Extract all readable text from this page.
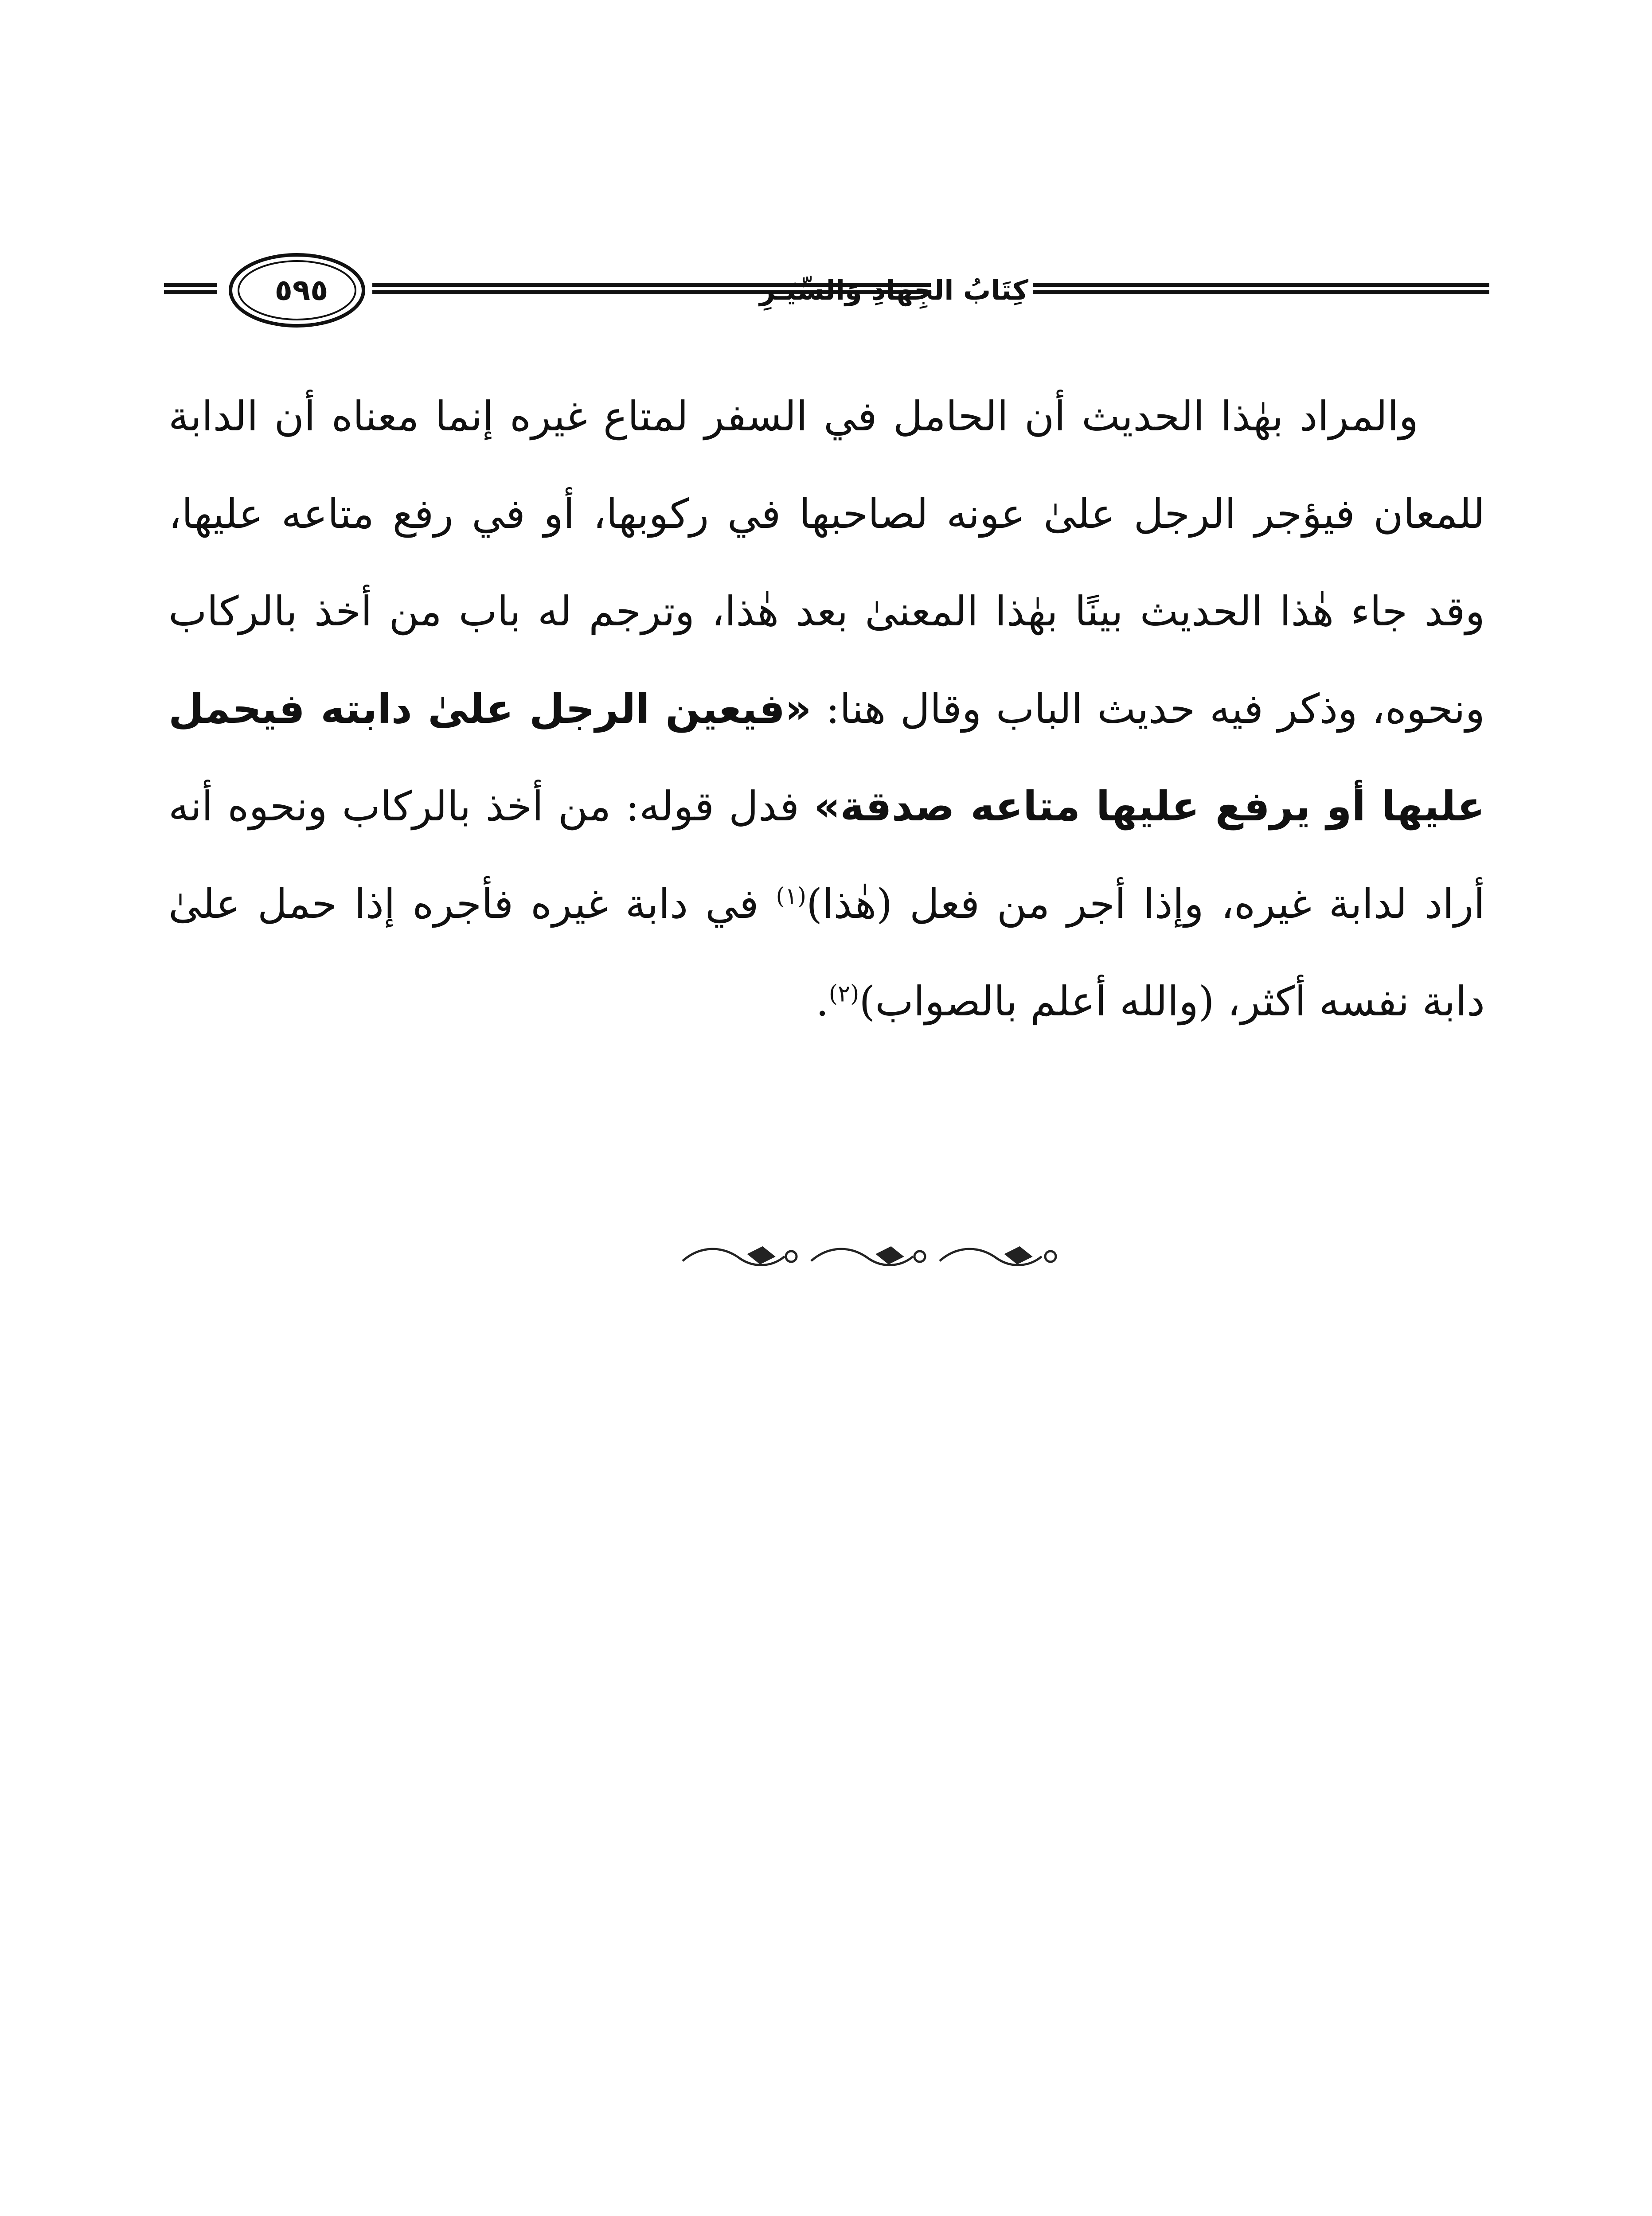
٥٩٥	كِتَابُ الجِهَادِ وَالسِّيَـرِ
والمراد بهٰذا الحديث أن الحامل في السفر لمتاع غيره إنما معناه أن الدابة للمعان فيؤجر الرجل علىٰ عونه لصاحبها في ركوبها، أو في رفع متاعه عليها، وقد جاء هٰذا الحديث بينًا بهٰذا المعنىٰ بعد هٰذا، وترجم له باب من أخذ بالركاب ونحوه، وذكر فيه حديث الباب وقال هنا: «فيعين الرجل علىٰ دابته فيحمل عليها أو يرفع عليها متاعه صدقة» فدل قوله: من أخذ بالركاب ونحوه أنه أراد لدابة غيره، وإذا أجر من فعل (هٰذا)$^{(١)}$ في دابة غيره فأجره إذا حمل علىٰ دابة نفسه أكثر، (والله أعلم بالصواب)$^{(٢)}$.
